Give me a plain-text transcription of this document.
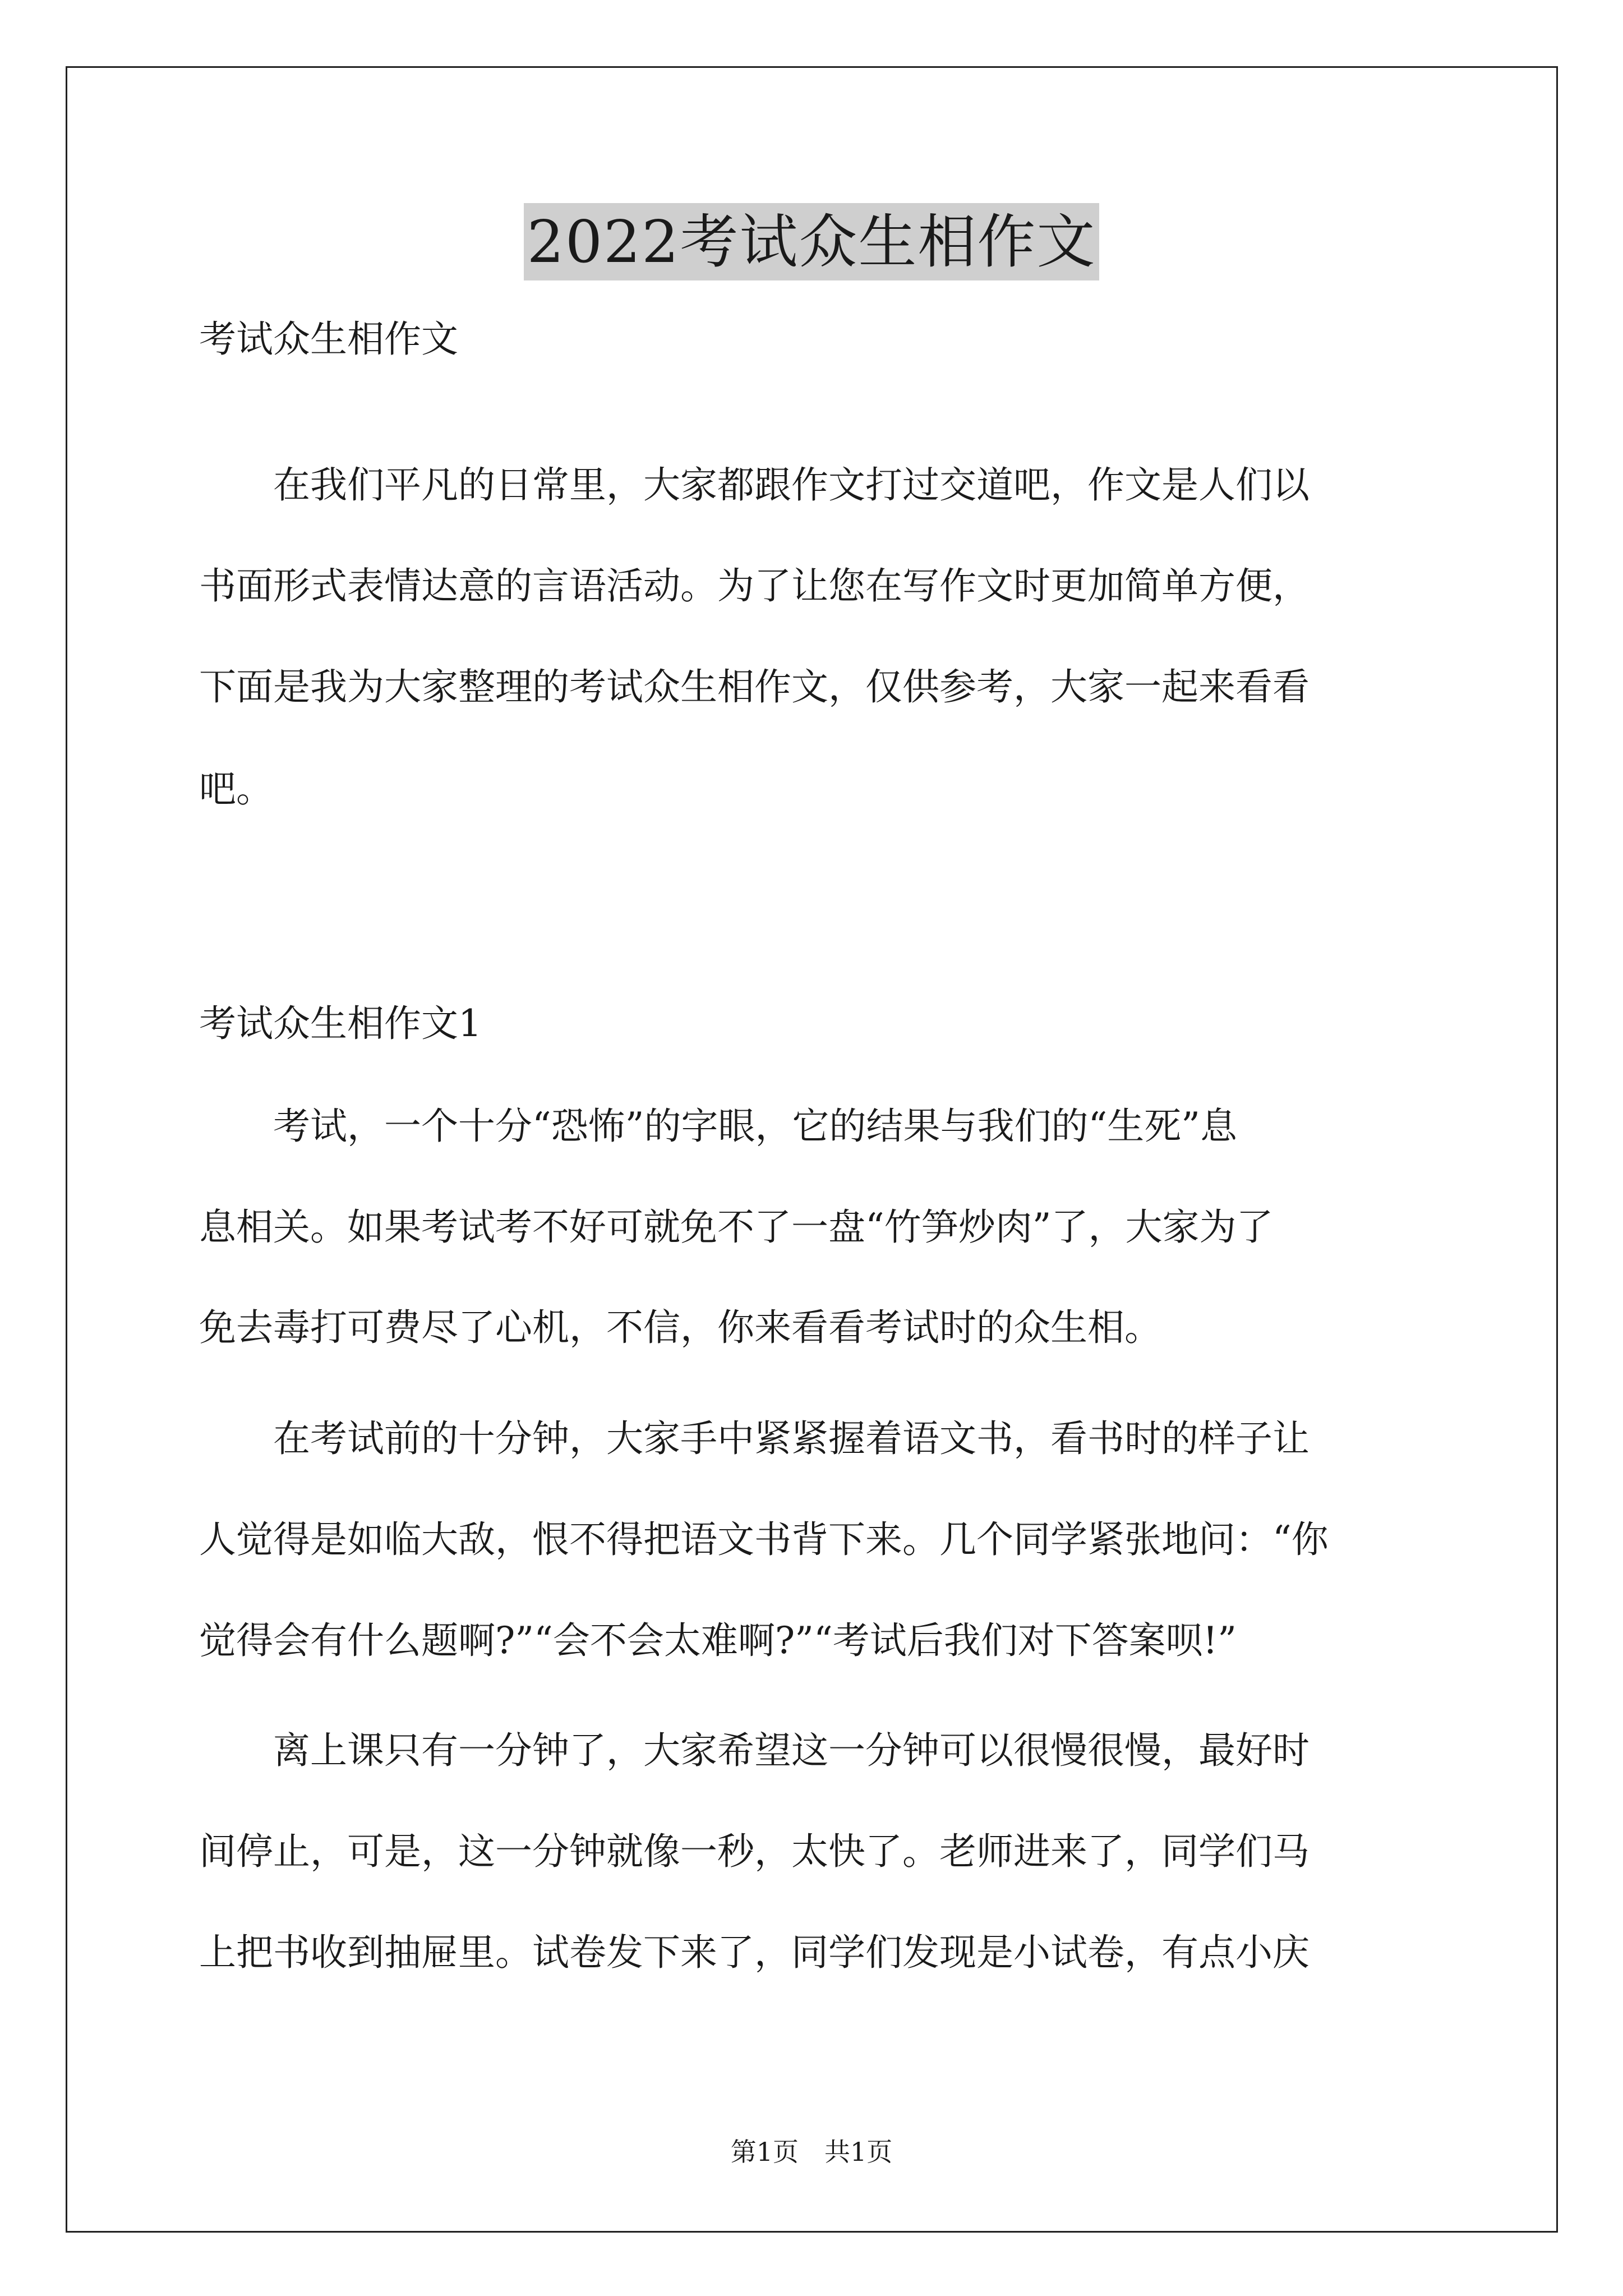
2022考试众生相作文
考试众生相作文
　　在我们平凡的日常里，大家都跟作文打过交道吧，作文是人们以
书面形式表情达意的言语活动。为了让您在写作文时更加简单方便，
下面是我为大家整理的考试众生相作文，仅供参考，大家一起来看看
吧。
考试众生相作文1
　　考试，一个十分“恐怖”的字眼，它的结果与我们的“生死”息
息相关。如果考试考不好可就免不了一盘“竹笋炒肉”了，大家为了
免去毒打可费尽了心机，不信，你来看看考试时的众生相。
　　在考试前的十分钟，大家手中紧紧握着语文书，看书时的样子让
人觉得是如临大敌，恨不得把语文书背下来。几个同学紧张地问：“你
觉得会有什么题啊?”“会不会太难啊?”“考试后我们对下答案呗!”
　　离上课只有一分钟了，大家希望这一分钟可以很慢很慢，最好时
间停止，可是，这一分钟就像一秒，太快了。老师进来了，同学们马
上把书收到抽屉里。试卷发下来了，同学们发现是小试卷，有点小庆
第1页　共1页
